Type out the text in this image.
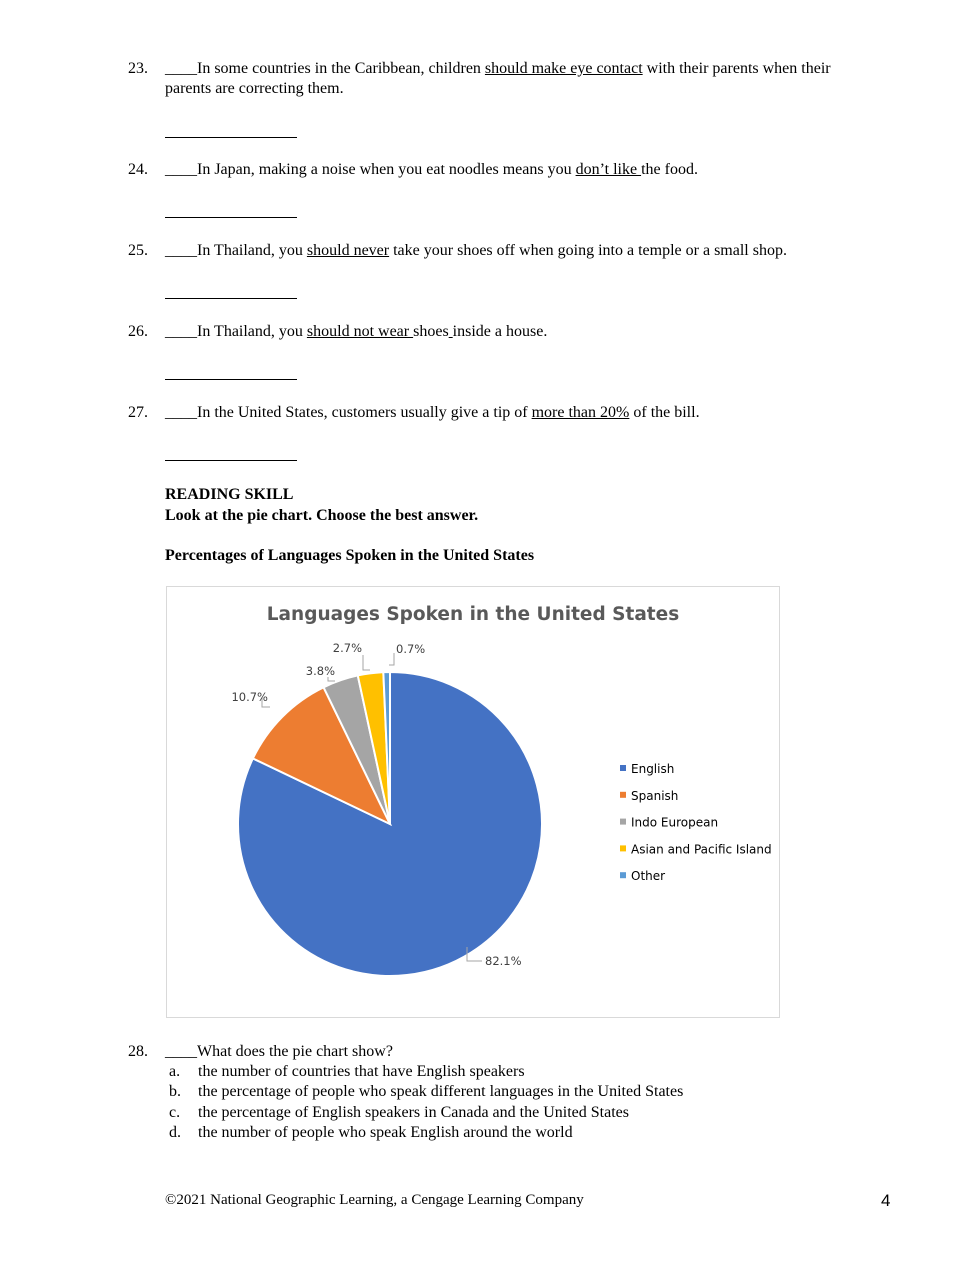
23. ____In some countries in the Caribbean, children should make eye contact with their parents when their parents are correcting them.
24. ____In Japan, making a noise when you eat noodles means you don’t like the food.
25. ____In Thailand, you should never take your shoes off when going into a temple or a small shop.
26. ____In Thailand, you should not wear shoes inside a house.
27. ____In the United States, customers usually give a tip of more than 20% of the bill.
READING SKILL
Look at the pie chart. Choose the best answer.
Percentages of Languages Spoken in the United States
Languages Spoken in the United States
82.1%
10.7%
3.8%
2.7%	0.7%
English
Spanish
Indo European
Asian and Pacific Island
Other
28. ____What does the pie chart show?
a. the number of countries that have English speakers
b. the percentage of people who speak different languages in the United States
c. the percentage of English speakers in Canada and the United States
d. the number of people who speak English around the world
©2021 National Geographic Learning, a Cengage Learning Company	4
